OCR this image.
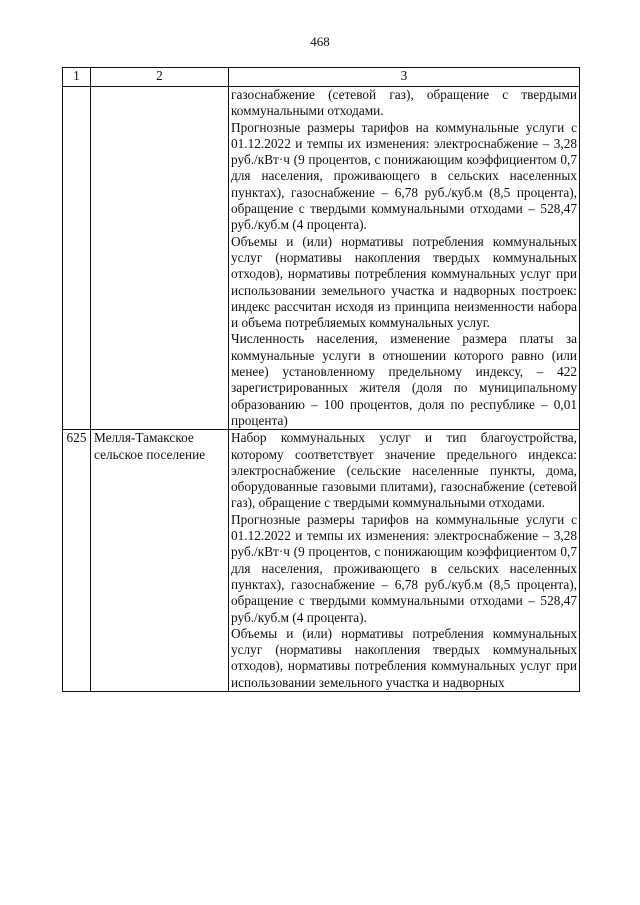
468
1	2	3

		газоснабжение (сетевой газ), обращение с твердыми коммунальными отходами.

Прогнозные размеры тарифов на коммунальные услуги с 01.12.2022 и темпы их изменения: электроснабжение – 3,28 руб./кВт·ч (9 процентов, с понижающим коэффициентом 0,7 для населения, проживающего в сельских населенных пунктах), газоснабжение – 6,78 руб./куб.м (8,5 процента), обращение с твердыми коммунальными отходами – 528,47 руб./куб.м (4 процента).

Объемы и (или) нормативы потребления коммунальных услуг (нормативы накопления твердых коммунальных отходов), нормативы потребления коммунальных услуг при использовании земельного участка и надворных построек: индекс рассчитан исходя из принципа неизменности набора и объема потребляемых коммунальных услуг.

Численность населения, изменение размера платы за коммунальные услуги в отношении которого равно (или менее) установленному предельному индексу, – 422 зарегистрированных жителя (доля по муниципальному образованию – 100 процентов, доля по республике – 0,01 процента)

625	Мелля-Тамакское сельское поселение	Набор коммунальных услуг и тип благоустройства, которому соответствует значение предельного индекса: электроснабжение (сельские населенные пункты, дома, оборудованные газовыми плитами), газоснабжение (сетевой газ), обращение с твердыми коммунальными отходами.

Прогнозные размеры тарифов на коммунальные услуги с 01.12.2022 и темпы их изменения: электроснабжение – 3,28 руб./кВт·ч (9 процентов, с понижающим коэффициентом 0,7 для населения, проживающего в сельских населенных пунктах), газоснабжение – 6,78 руб./куб.м (8,5 процента), обращение с твердыми коммунальными отходами – 528,47 руб./куб.м (4 процента).

Объемы и (или) нормативы потребления коммунальных услуг (нормативы накопления твердых коммунальных отходов), нормативы потребления коммунальных услуг при использовании земельного участка и надворных
